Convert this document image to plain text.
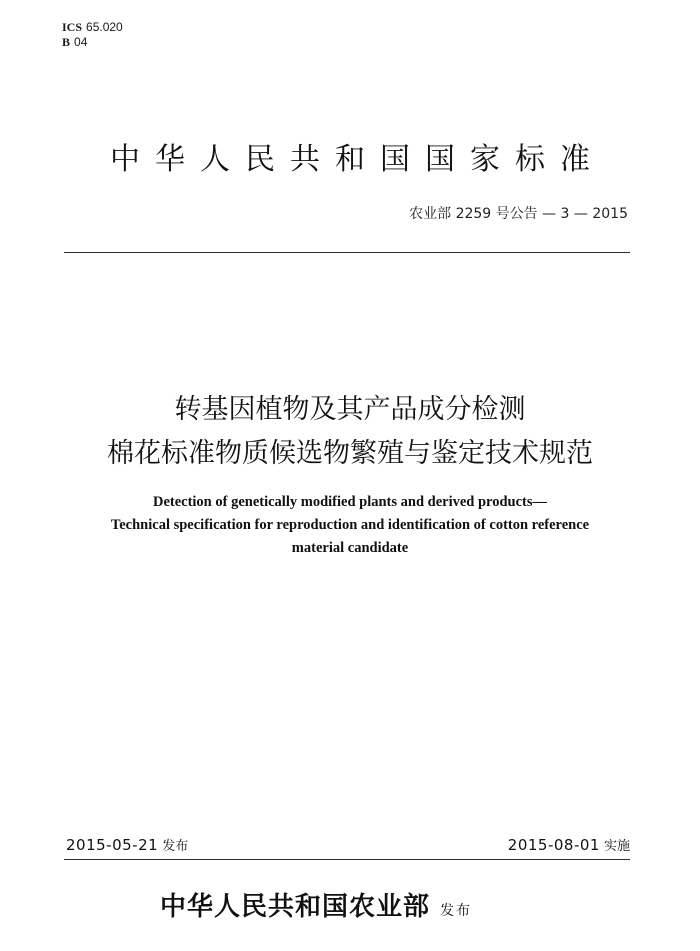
ICS 65.020
B 04
中华人民共和国国家标准
农业部 2259 号公告 — 3 — 2015
转基因植物及其产品成分检测
棉花标准物质候选物繁殖与鉴定技术规范
Detection of genetically modified plants and derived products—
Technical specification for reproduction and identification of cotton reference
material candidate
2015-05-21 发布	2015-08-01 实施
中华人民共和国农业部 发布
